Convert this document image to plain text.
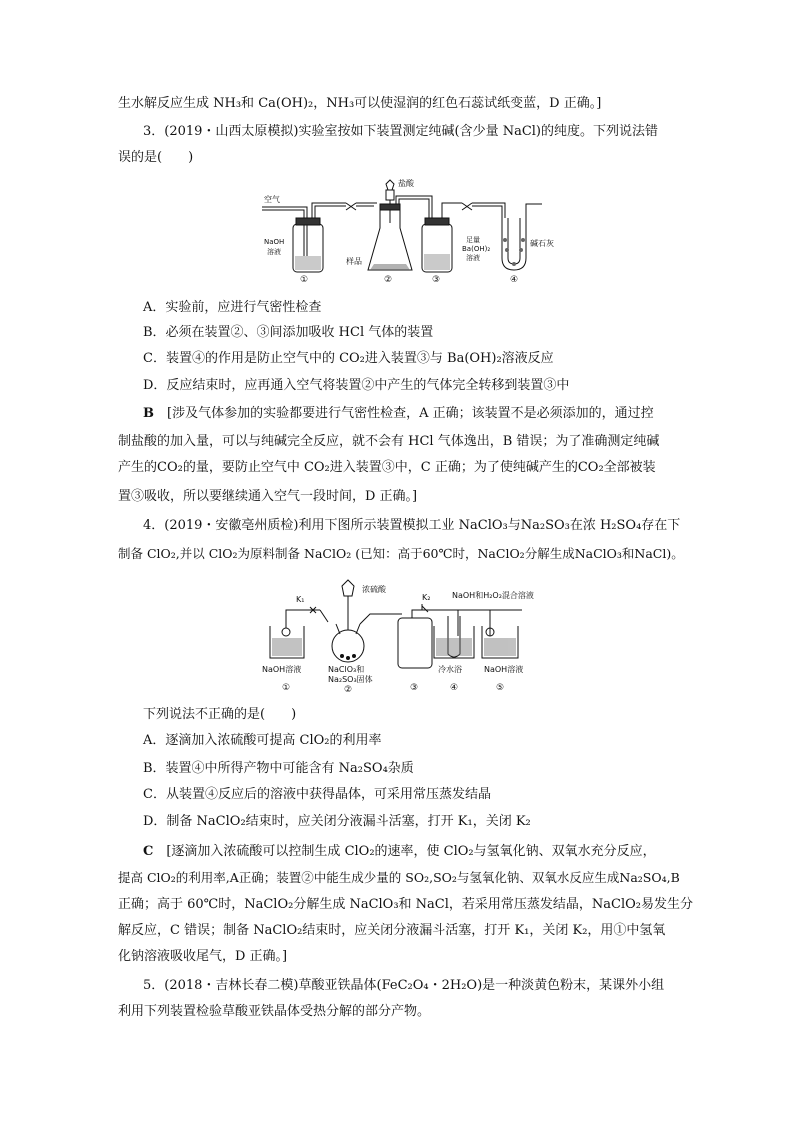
生水解反应生成 NH₃和 Ca(OH)₂，NH₃可以使湿润的红色石蕊试纸变蓝，D 正确。]
3．(2019・山西太原模拟)实验室按如下装置测定纯碱(含少量 NaCl)的纯度。下列说法错
误的是(　　)
空气
盐酸
NaOH
溶液
样品
足量
Ba(OH)₂
溶液
碱石灰
①	②	③	④
A．实验前，应进行气密性检查
B．必须在装置②、③间添加吸收 HCl 气体的装置
C．装置④的作用是防止空气中的 CO₂进入装置③与 Ba(OH)₂溶液反应
D．反应结束时，应再通入空气将装置②中产生的气体完全转移到装置③中
B　[涉及气体参加的实验都要进行气密性检查，A 正确；该装置不是必须添加的，通过控
制盐酸的加入量，可以与纯碱完全反应，就不会有 HCl 气体逸出，B 错误；为了准确测定纯碱
产生的CO₂的量，要防止空气中 CO₂进入装置③中，C 正确；为了使纯碱产生的CO₂全部被装
置③吸收，所以要继续通入空气一段时间，D 正确。]
4．(2019・安徽亳州质检)利用下图所示装置模拟工业 NaClO₃与Na₂SO₃在浓 H₂SO₄存在下
制备 ClO₂,并以 ClO₂为原料制备 NaClO₂ (已知：高于60℃时，NaClO₂分解生成NaClO₃和NaCl)。
K₁
浓硫酸
K₂	NaOH和H₂O₂混合溶液
NaOH溶液	NaClO₃和
Na₂SO₃固体
冷水浴	NaOH溶液
①	②	③	④	⑤
下列说法不正确的是(　　)
A．逐滴加入浓硫酸可提高 ClO₂的利用率
B．装置④中所得产物中可能含有 Na₂SO₄杂质
C．从装置④反应后的溶液中获得晶体，可采用常压蒸发结晶
D．制备 NaClO₂结束时，应关闭分液漏斗活塞，打开 K₁，关闭 K₂
C　[逐滴加入浓硫酸可以控制生成 ClO₂的速率，使 ClO₂与氢氧化钠、双氧水充分反应，
提高 ClO₂的利用率,A正确；装置②中能生成少量的 SO₂,SO₂与氢氧化钠、双氧水反应生成Na₂SO₄,B
正确；高于 60℃时，NaClO₂分解生成 NaClO₃和 NaCl，若采用常压蒸发结晶，NaClO₂易发生分
解反应，C 错误；制备 NaClO₂结束时，应关闭分液漏斗活塞，打开 K₁，关闭 K₂，用①中氢氧
化钠溶液吸收尾气，D 正确。]
5．(2018・吉林长春二模)草酸亚铁晶体(FeC₂O₄・2H₂O)是一种淡黄色粉末，某课外小组
利用下列装置检验草酸亚铁晶体受热分解的部分产物。
